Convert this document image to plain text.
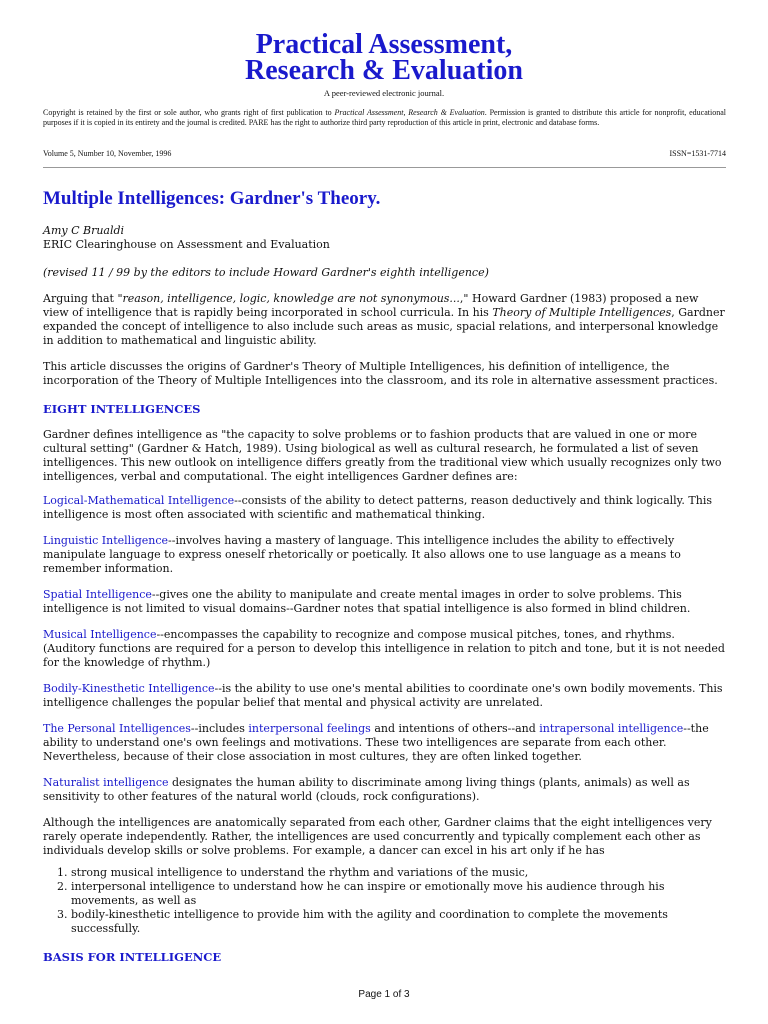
Practical Assessment,
Research & Evaluation
A peer-reviewed electronic journal.
Copyright is retained by the first or sole author, who grants right of first publication to Practical Assessment, Research & Evaluation. Permission is granted to distribute this article for nonprofit, educational purposes if it is copied in its entirety and the journal is credited. PARE has the right to authorize third party reproduction of this article in print, electronic and database forms.
Volume 5, Number 10, November, 1996	ISSN=1531-7714
Multiple Intelligences: Gardner's Theory.

Amy C Brualdi

ERIC Clearinghouse on Assessment and Evaluation

(revised 11 / 99 by the editors to include Howard Gardner's eighth intelligence)

Arguing that "reason, intelligence, logic, knowledge are not synonymous...," Howard Gardner (1983) proposed a new view of intelligence that is rapidly being incorporated in school curricula. In his Theory of Multiple Intelligences, Gardner expanded the concept of intelligence to also include such areas as music, spacial relations, and interpersonal knowledge in addition to mathematical and linguistic ability.

This article discusses the origins of Gardner's Theory of Multiple Intelligences, his definition of intelligence, the incorporation of the Theory of Multiple Intelligences into the classroom, and its role in alternative assessment practices.

EIGHT INTELLIGENCES

Gardner defines intelligence as "the capacity to solve problems or to fashion products that are valued in one or more cultural setting" (Gardner & Hatch, 1989). Using biological as well as cultural research, he formulated a list of seven intelligences. This new outlook on intelligence differs greatly from the traditional view which usually recognizes only two intelligences, verbal and computational. The eight intelligences Gardner defines are:

Logical-Mathematical Intelligence--consists of the ability to detect patterns, reason deductively and think logically. This intelligence is most often associated with scientific and mathematical thinking.

Linguistic Intelligence--involves having a mastery of language. This intelligence includes the ability to effectively manipulate language to express oneself rhetorically or poetically. It also allows one to use language as a means to remember information.

Spatial Intelligence--gives one the ability to manipulate and create mental images in order to solve problems. This intelligence is not limited to visual domains--Gardner notes that spatial intelligence is also formed in blind children.

Musical Intelligence--encompasses the capability to recognize and compose musical pitches, tones, and rhythms. (Auditory functions are required for a person to develop this intelligence in relation to pitch and tone, but it is not needed for the knowledge of rhythm.)

Bodily-Kinesthetic Intelligence--is the ability to use one's mental abilities to coordinate one's own bodily movements. This intelligence challenges the popular belief that mental and physical activity are unrelated.

The Personal Intelligences--includes interpersonal feelings and intentions of others--and intrapersonal intelligence--the ability to understand one's own feelings and motivations. These two intelligences are separate from each other. Nevertheless, because of their close association in most cultures, they are often linked together.

Naturalist intelligence designates the human ability to discriminate among living things (plants, animals) as well as sensitivity to other features of the natural world (clouds, rock configurations).

Although the intelligences are anatomically separated from each other, Gardner claims that the eight intelligences very rarely operate independently. Rather, the intelligences are used concurrently and typically complement each other as individuals develop skills or solve problems. For example, a dancer can excel in his art only if he has

1. strong musical intelligence to understand the rhythm and variations of the music,
2. interpersonal intelligence to understand how he can inspire or emotionally move his audience through his movements, as well as
3. bodily-kinesthetic intelligence to provide him with the agility and coordination to complete the movements successfully.

BASIS FOR INTELLIGENCE

Page 1 of 3
